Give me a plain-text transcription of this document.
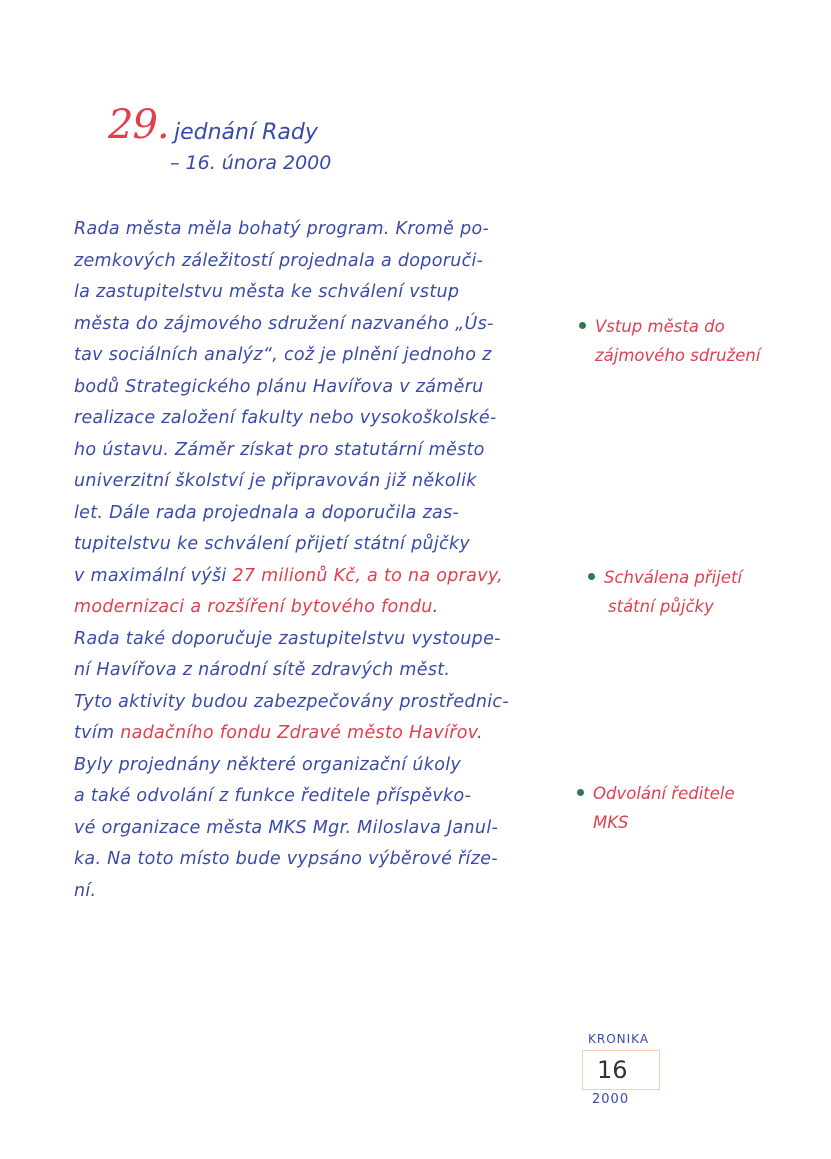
29. jednání Rady
– 16. února 2000
Rada města měla bohatý program. Kromě po-
zemkových záležitostí projednala a doporuči-
la zastupitelstvu města ke schválení vstup
města do zájmového sdružení nazvaného „Ús-
tav sociálních analýz“, což je plnění jednoho z
bodů Strategického plánu Havířova v záměru
realizace založení fakulty nebo vysokoškolské-
ho ústavu. Záměr získat pro statutární město
univerzitní školství je připravován již několik
let. Dále rada projednala a doporučila zas-
tupitelstvu ke schválení přijetí státní půjčky
v maximální výši 27 milionů Kč, a to na opravy,
modernizaci a rozšíření bytového fondu.
Rada také doporučuje zastupitelstvu vystoupe-
ní Havířova z národní sítě zdravých měst.
Tyto aktivity budou zabezpečovány prostřednic-
tvím nadačního fondu Zdravé město Havířov.
Byly projednány některé organizační úkoly
a také odvolání z funkce ředitele příspěvko-
vé organizace města MKS Mgr. Miloslava Janul-
ka. Na toto místo bude vypsáno výběrové říze-
ní.
Vstup města do
zájmového sdružení
Schválena přijetí
státní půjčky
Odvolání ředitele
MKS
KRONIKA
16
2000
